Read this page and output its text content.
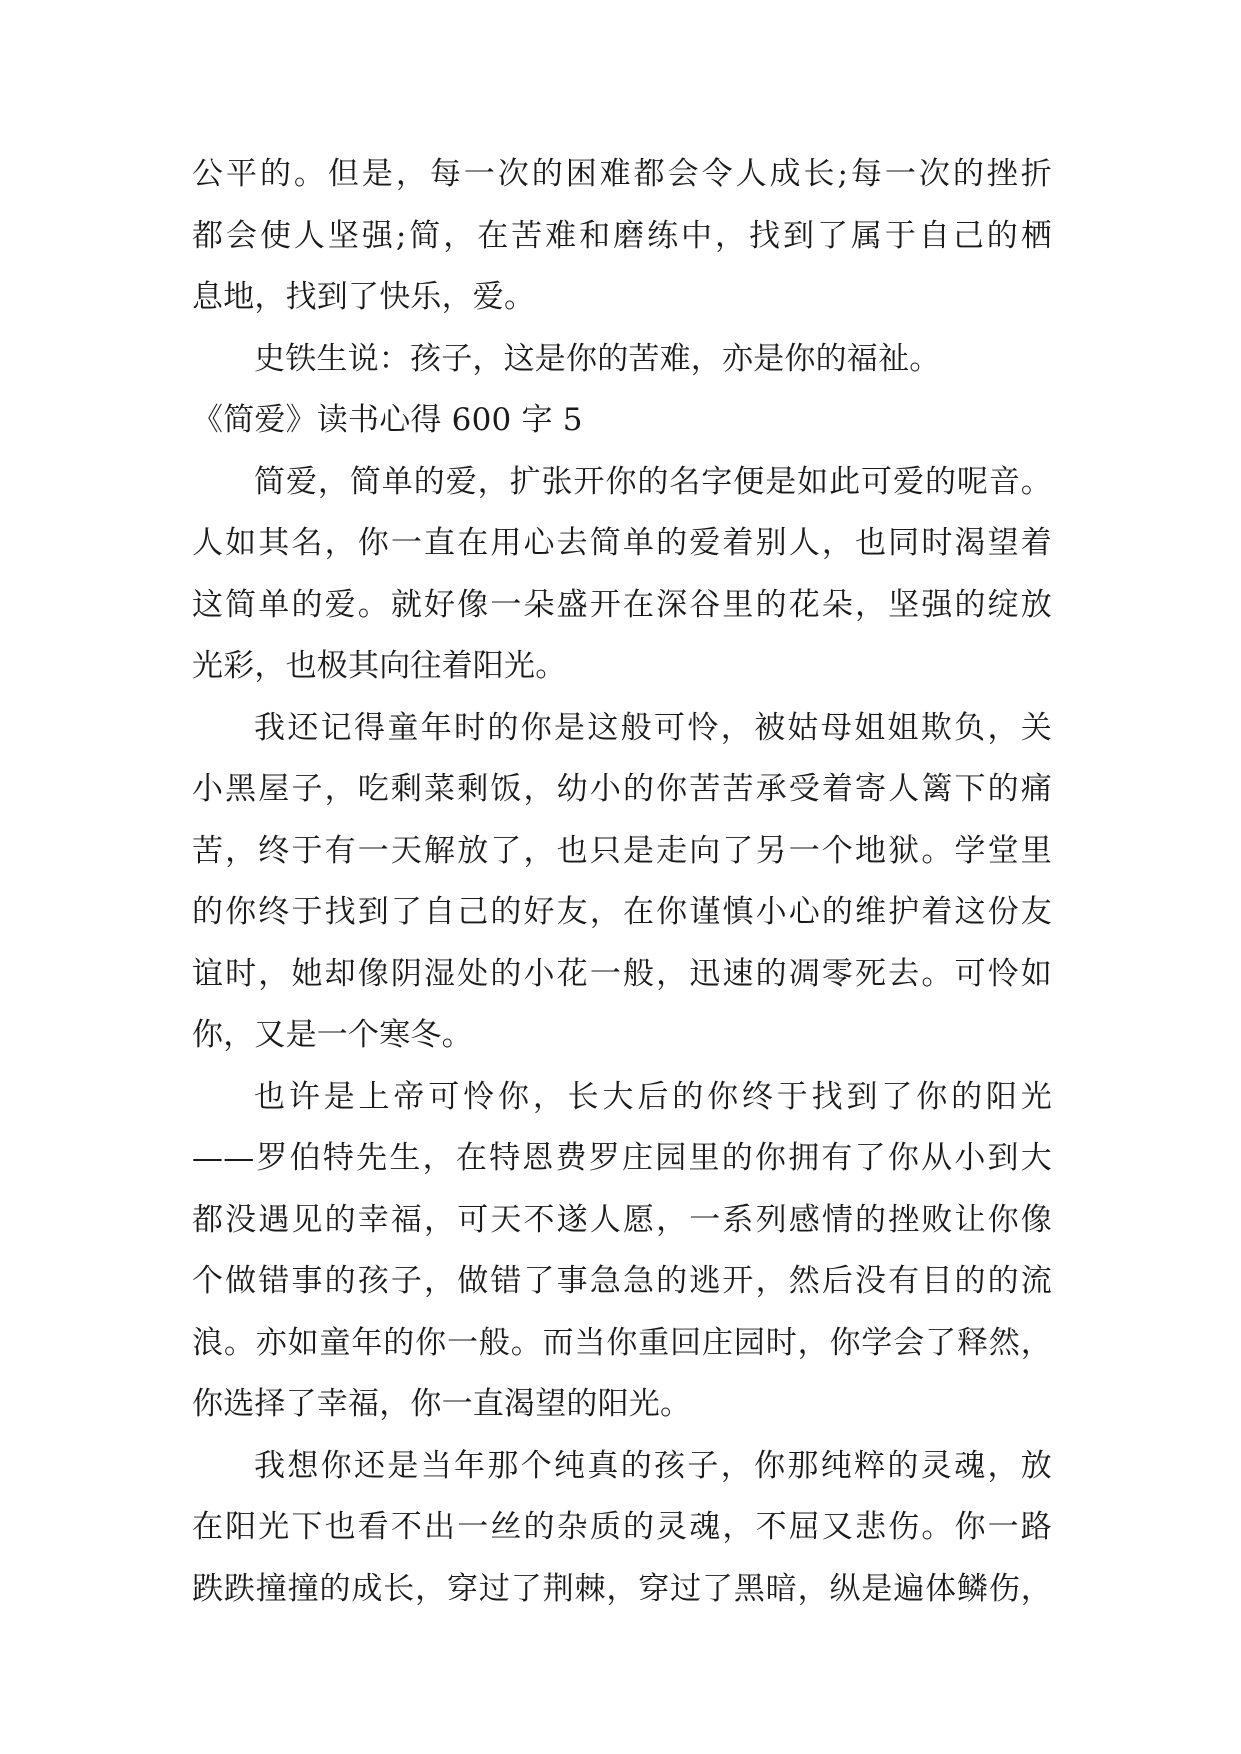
公平的。但是，每一次的困难都会令人成长;每一次的挫折
都会使人坚强;简，在苦难和磨练中，找到了属于自己的栖
息地，找到了快乐，爱。
史铁生说：孩子，这是你的苦难，亦是你的福祉。
《简爱》读书心得 600 字 5
简爱，简单的爱，扩张开你的名字便是如此可爱的呢音。
人如其名，你一直在用心去简单的爱着别人，也同时渴望着
这简单的爱。就好像一朵盛开在深谷里的花朵，坚强的绽放
光彩，也极其向往着阳光。
我还记得童年时的你是这般可怜，被姑母姐姐欺负，关
小黑屋子，吃剩菜剩饭，幼小的你苦苦承受着寄人篱下的痛
苦，终于有一天解放了，也只是走向了另一个地狱。学堂里
的你终于找到了自己的好友，在你谨慎小心的维护着这份友
谊时，她却像阴湿处的小花一般，迅速的凋零死去。可怜如
你，又是一个寒冬。
也许是上帝可怜你，长大后的你终于找到了你的阳光
——罗伯特先生，在特恩费罗庄园里的你拥有了你从小到大
都没遇见的幸福，可天不遂人愿，一系列感情的挫败让你像
个做错事的孩子，做错了事急急的逃开，然后没有目的的流
浪。亦如童年的你一般。而当你重回庄园时，你学会了释然，
你选择了幸福，你一直渴望的阳光。
我想你还是当年那个纯真的孩子，你那纯粹的灵魂，放
在阳光下也看不出一丝的杂质的灵魂，不屈又悲伤。你一路
跌跌撞撞的成长，穿过了荆棘，穿过了黑暗，纵是遍体鳞伤，
